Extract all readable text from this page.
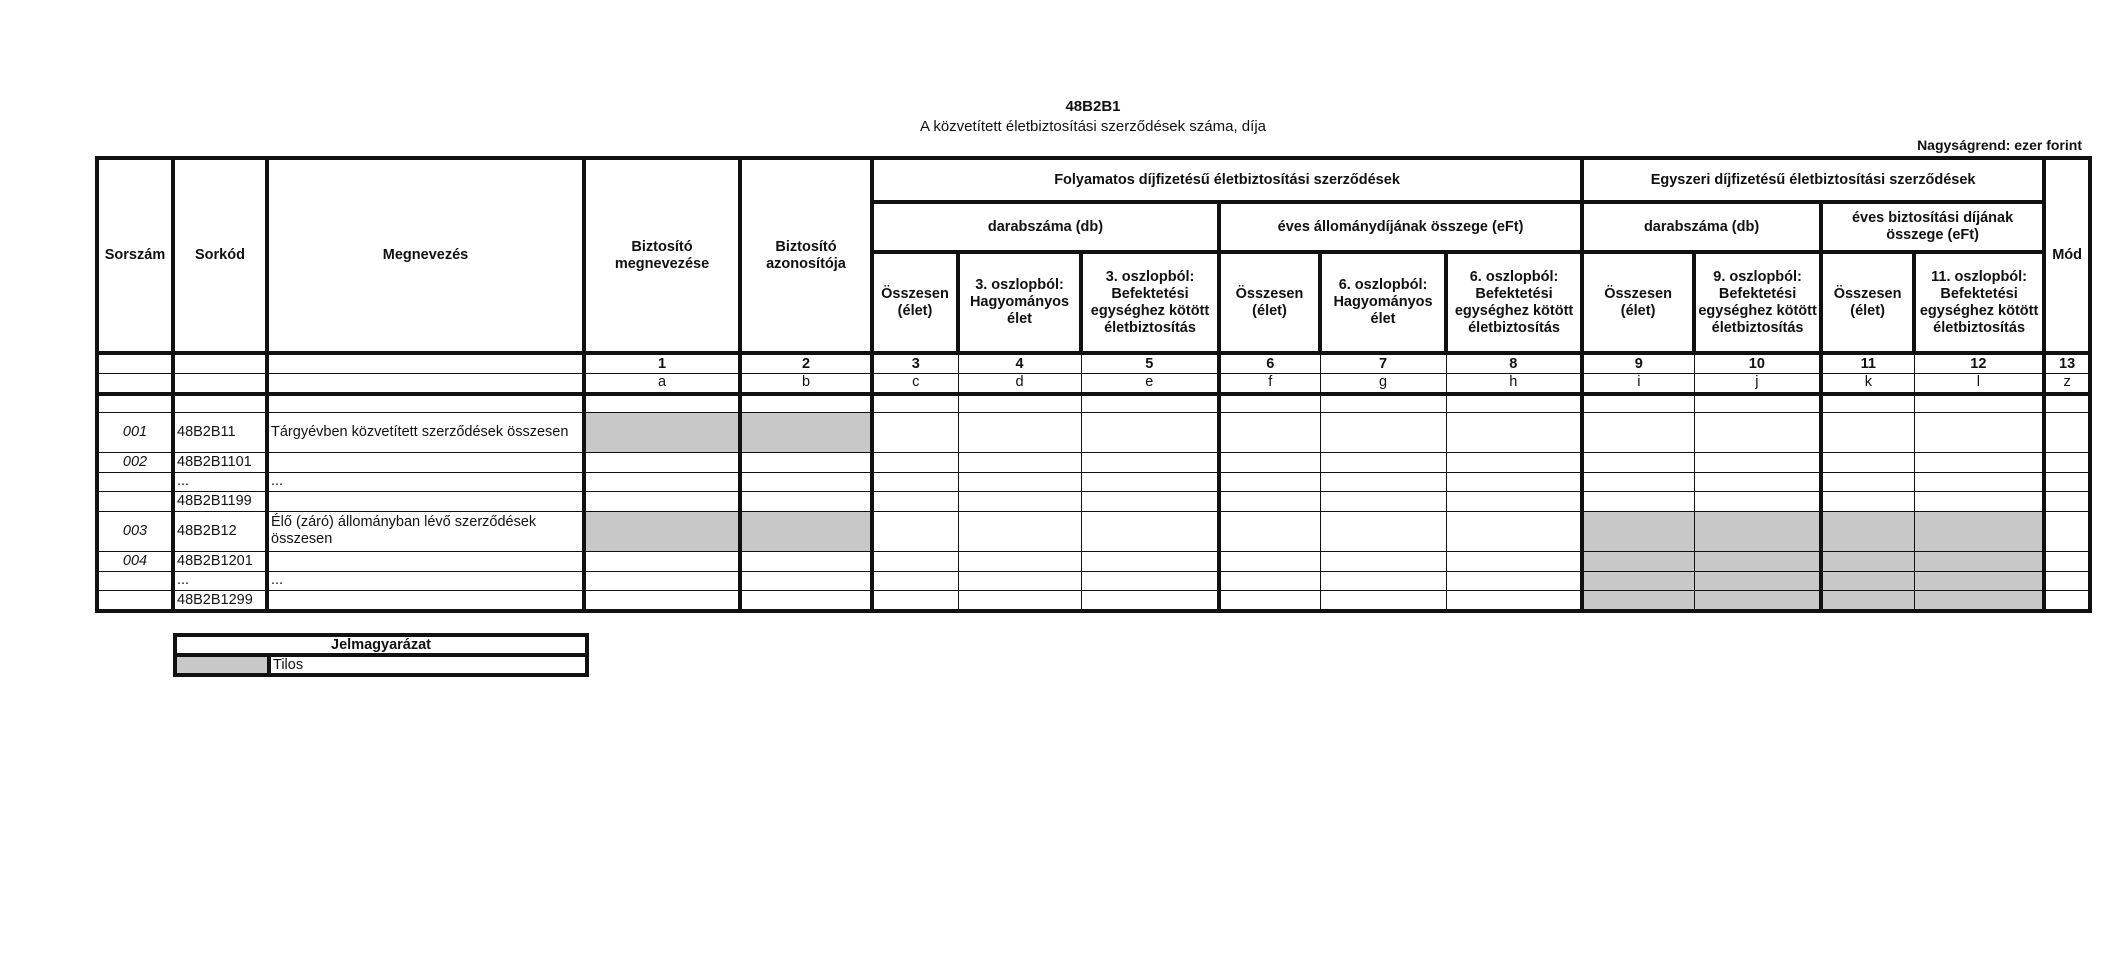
48B2B1
A közvetített életbiztosítási szerződések száma, díja
Nagyságrend: ezer forint
Sorszám	Sorkód	Megnevezés	Biztosító megnevezése	Biztosító azonosítója	Folyamatos díjfizetésű életbiztosítási szerződések						Egyszeri díjfizetésű életbiztosítási szerződések				Mód
					darabszáma (db)			éves állománydíjának összege (eFt)			darabszáma (db)		éves biztosítási díjának összege (eFt)		
					Összesen (élet)	3. oszlopból: Hagyományos élet	3. oszlopból: Befektetési egységhez kötött életbiztosítás	Összesen (élet)	6. oszlopból: Hagyományos élet	6. oszlopból: Befektetési egységhez kötött életbiztosítás	Összesen (élet)	9. oszlopból: Befektetési egységhez kötött életbiztosítás	Összesen (élet)	11. oszlopból: Befektetési egységhez kötött életbiztosítás	
			1	2	3	4	5	6	7	8	9	10	11	12	13
			a	b	c	d	e	f	g	h	i	j	k	l	z

001	48B2B11	Tárgyévben közvetített szerződések összesen													
002	48B2B1101														
	...	...													
	48B2B1199														
003	48B2B12	Élő (záró) állományban lévő szerződések összesen													
004	48B2B1201														
	...	...													
	48B2B1299														
Jelmagyarázat
	Tilos
